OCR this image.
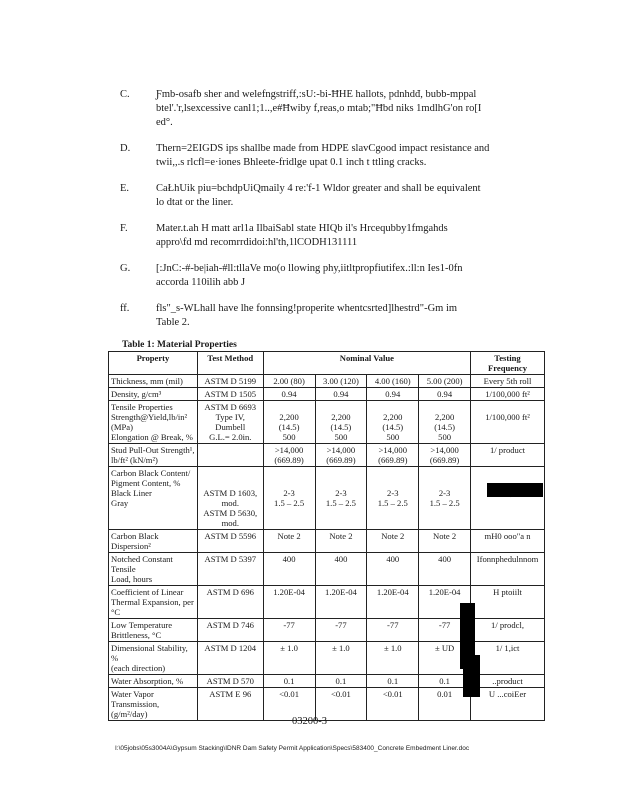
C.	Ƒmb-osafb sher and welefngstriff,:sU:-bi-ĦHE hallots, pdnhdđ, bubb-mppal
btel'.'r,lsexcessive canl1;1..,e#Ħwiby f,reas,o mtab;"Ħbd niks 1mdlhG'on ro[I
ed°.
D. Thern=2EIGDS ips shallbe made from HDPE slavCgood impact resistance and
twii,,.s rlcfl=e·iones Bhleete-fridlge upat 0.1 inch t ttling cracks.
E.	CaŁhUik piu=bchdpUiQmaily 4 re:'f-1 Wldor greater and shall be equivalent
lo dtat or the liner.
F.	Mater.t.ah H matt arl1a IlbaiSabl state HIQb il's Hrcequbby1fmgahds
appro\fd md recomrrdidoi:hl'th,1lCODH131111
G. [:JnC:-#-be|iah-#ll:tllaVe mo(o llowing phy,iitltpropfiutifex.:ll:n Ies1-0fn
accorda 110ilih abb J
ff.	fls"_s-WLhall have lhe fonnsing!properite whentcsrted]lhestrd"-Gm im
Table 2.
Table 1: Material Properties
Property	Test Method	Nominal Value				Testing
Frequency

Thickness, mm (mil)	ASTM D 5199	2.00 (80)	3.00 (120)	4.00 (160)	5.00 (200)	Every 5th roll

Density, g/cm³	ASTM D 1505	0.94	0.94	0.94	0.94	1/100,000 ft²

Tensile Properties
Strength@Yield,lb/in²
(MPa)
Elongation @ Break, %	ASTM D 6693
Type IV,
Dumbell
G.L.= 2.0in.	2,200
(14.5)
500	2,200
(14.5)
500	2,200
(14.5)
500	2,200
(14.5)
500	1/100,000 ft²

Stud Pull-Out Strength¹,
lb/ft² (kN/m²)		>14,000
(669.89)	>14,000
(669.89)	>14,000
(669.89)	>14,000
(669.89)	1/ product

Carbon Black Content/
Pigment Content, %
Black Liner
Gray	ASTM D 1603,
mod.
ASTM D 5630,
mod.	2-3
1.5 – 2.5	2-3
1.5 – 2.5	2-3
1.5 – 2.5	2-3
1.5 – 2.5

Carbon Black Dispersion²	ASTM D 5596	Note 2	Note 2	Note 2	Note 2	mH0 ooo"a n

Notched Constant Tensile
Load, hours	ASTM D 5397	400	400	400	400	Ifonnphedulnnom

Coefficient of Linear
Thermal Expansion, per
°C	ASTM D 696	1.20E-04	1.20E-04	1.20E-04	1.20E-04	H ptoiilt

Low Temperature
Brittleness, °C	ASTM D 746	-77	-77	-77	-77	1/ prodcl,

Dimensional Stability, %
(each direction)	ASTM D 1204	± 1.0	± 1.0	± 1.0	± UD	1/ 1,ict

Water Absorption, %	ASTM D 570	0.1	0.1	0.1	0.1	..product

Water Vapor
Transmission, (g/m²/day)	ASTM E 96	<0.01	<0.01	<0.01	0.01	U ...coiEer
03200-3
I:\05jobs\05s3004A\Gypsum Stacking\IDNR Dam Safety Permit Application\Specs\583400_Concrete Embedment Liner.doc
